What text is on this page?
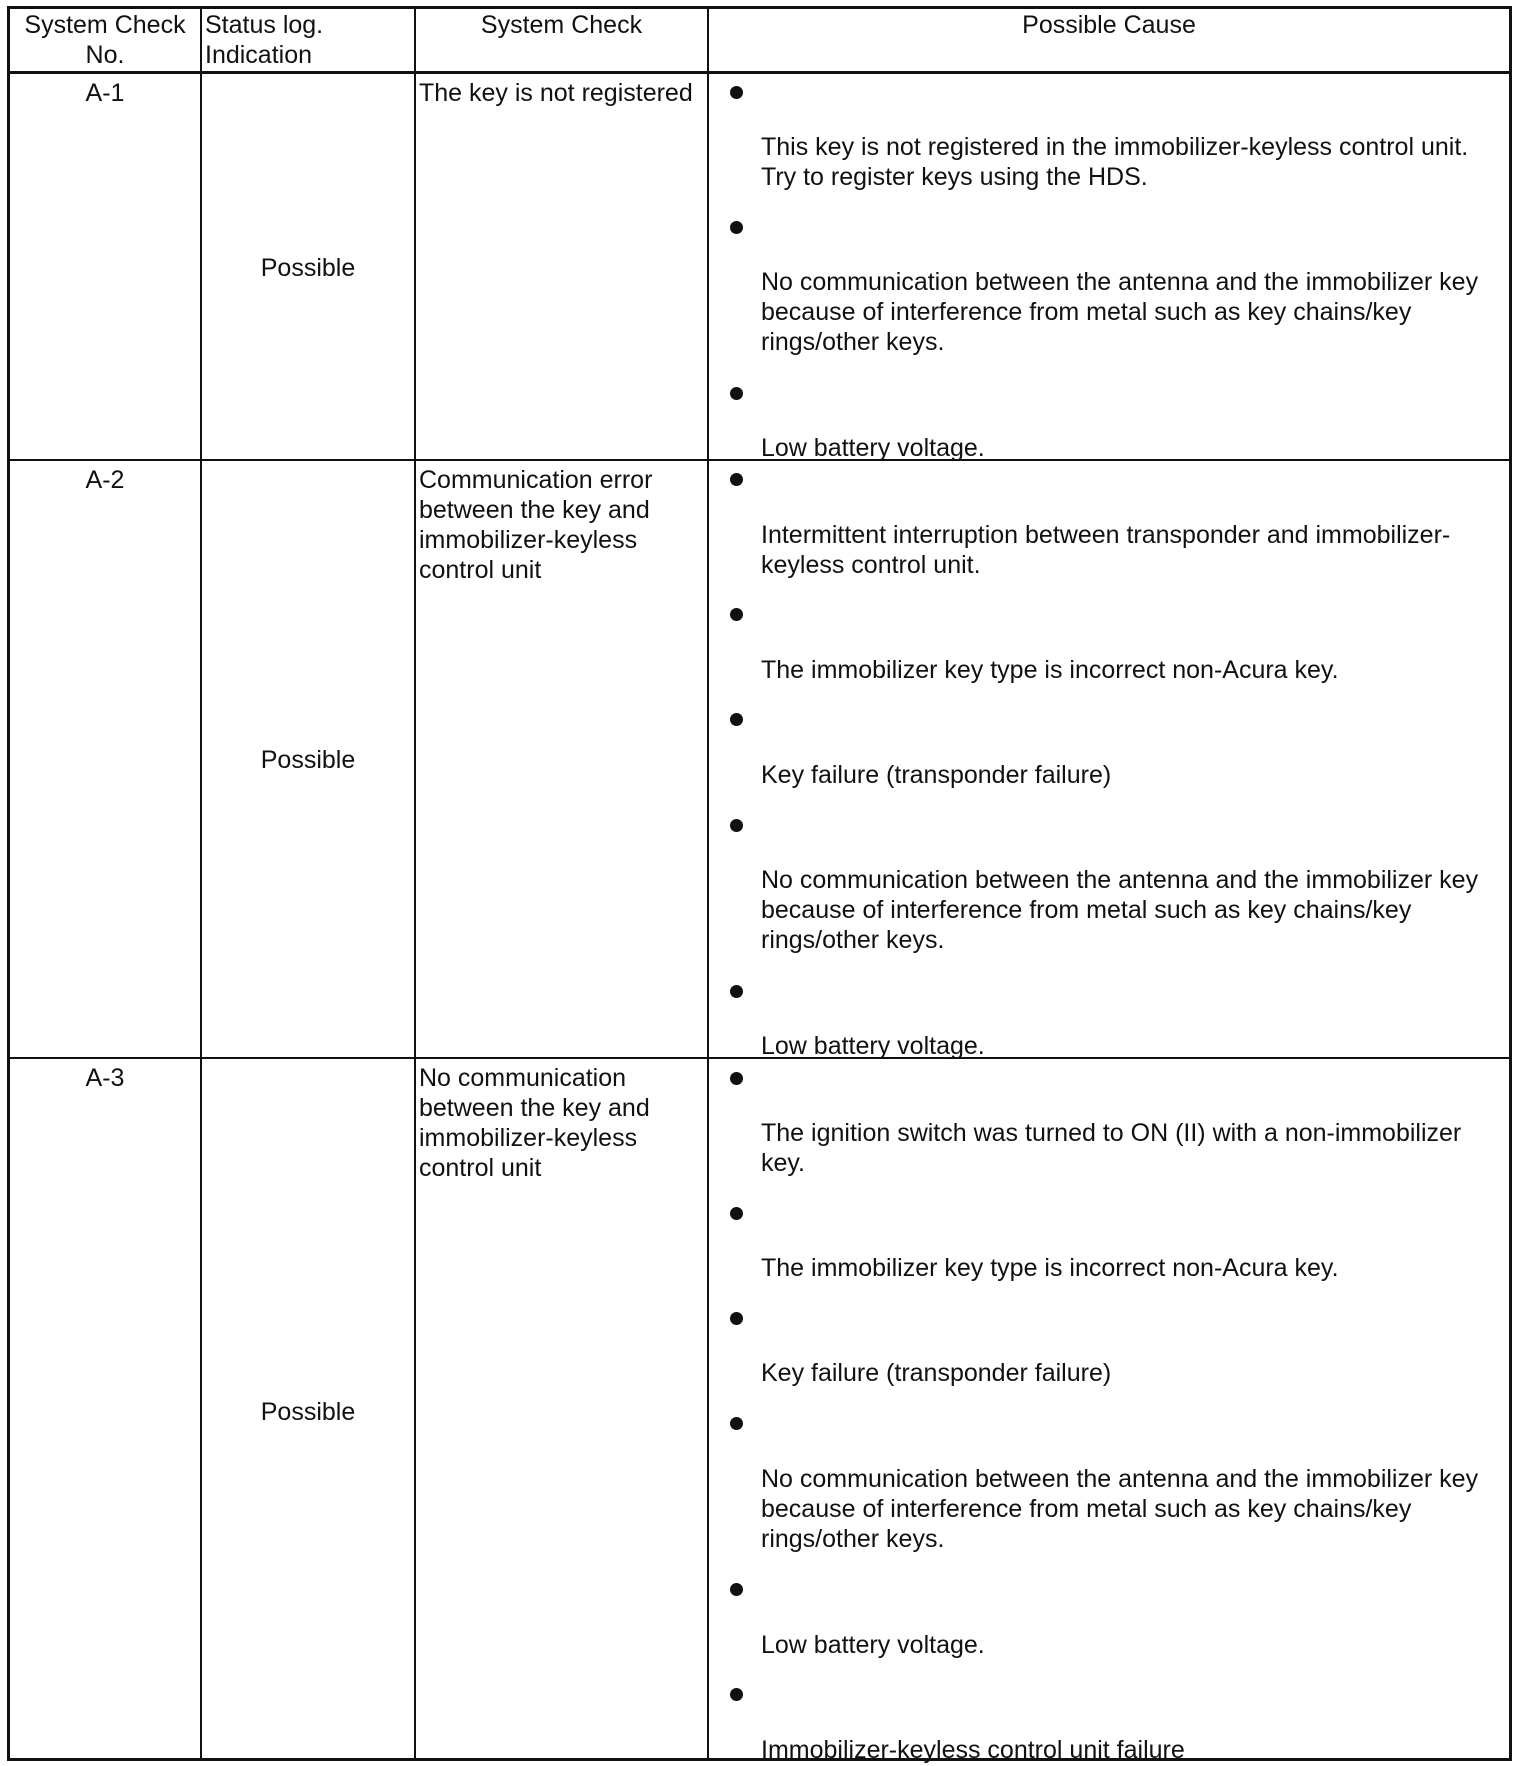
System Check
No.
Status log.
Indication
System Check	Possible Cause
A-1
Possible
The key is not registered
This key is not registered in the immobilizer-keyless control unit. Try to register keys using the HDS.
No communication between the antenna and the immobilizer key because of interference from metal such as key chains/key rings/other keys.
Low battery voltage.
A-2
Possible
Communication error
between the key and
immobilizer-keyless
control unit
Intermittent interruption between transponder and immobilizer-keyless control unit.
The immobilizer key type is incorrect non-Acura key.
Key failure (transponder failure)
No communication between the antenna and the immobilizer key because of interference from metal such as key chains/key rings/other keys.
Low battery voltage.
A-3
Possible
No communication
between the key and
immobilizer-keyless
control unit
The ignition switch was turned to ON (II) with a non-immobilizer key.
The immobilizer key type is incorrect non-Acura key.
Key failure (transponder failure)
No communication between the antenna and the immobilizer key because of interference from metal such as key chains/key rings/other keys.
Low battery voltage.
Immobilizer-keyless control unit failure
